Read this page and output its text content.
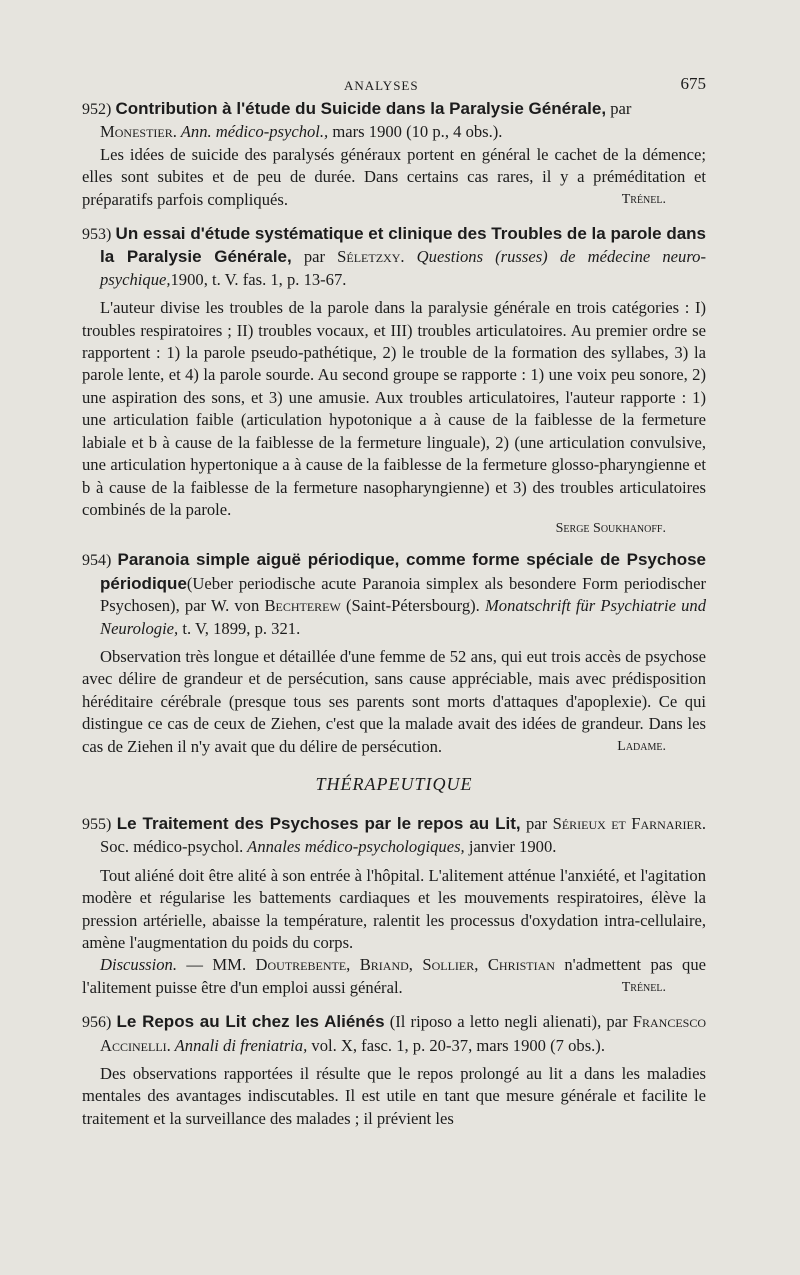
ANALYSES	675

952) Contribution à l'étude du Suicide dans la Paralysie Générale, par
Monestier. Ann. médico-psychol., mars 1900 (10 p., 4 obs.).

Les idées de suicide des paralysés généraux portent en général le cachet de la démence; elles sont subites et de peu de durée. Dans certains cas rares, il y a préméditation et préparatifs parfois compliqués.	Trénel.

953) Un essai d'étude systématique et clinique des Troubles de la parole dans la Paralysie Générale, par Séletzxy. Questions (russes) de médecine neuro-psychique,1900, t. V. fas. 1, p. 13-67.

L'auteur divise les troubles de la parole dans la paralysie générale en trois catégories : I) troubles respiratoires ; II) troubles vocaux, et III) troubles articulatoires. Au premier ordre se rapportent : 1) la parole pseudo-pathétique, 2) le trouble de la formation des syllabes, 3) la parole lente, et 4) la parole sourde. Au second groupe se rapporte : 1) une voix peu sonore, 2) une aspiration des sons, et 3) une amusie. Aux troubles articulatoires, l'auteur rapporte : 1) une articulation faible (articulation hypotonique a à cause de la faiblesse de la fermeture labiale et b à cause de la faiblesse de la fermeture linguale), 2) (une articulation convulsive, une articulation hypertonique a à cause de la faiblesse de la fermeture glosso-pharyngienne et b à cause de la faiblesse de la fermeture nasopharyngienne) et 3) des troubles articulatoires combinés de la parole.

Serge Soukhanoff.

954) Paranoia simple aiguë périodique, comme forme spéciale de Psychose périodique(Ueber periodische acute Paranoia simplex als besondere Form periodischer Psychosen), par W. von Bechterew (Saint-Pétersbourg). Monatschrift für Psychiatrie und Neurologie, t. V, 1899, p. 321.

Observation très longue et détaillée d'une femme de 52 ans, qui eut trois accès de psychose avec délire de grandeur et de persécution, sans cause appréciable, mais avec prédisposition héréditaire cérébrale (presque tous ses parents sont morts d'attaques d'apoplexie). Ce qui distingue ce cas de ceux de Ziehen, c'est que la malade avait des idées de grandeur. Dans les cas de Ziehen il n'y avait que du délire de persécution.	Ladame.

THÉRAPEUTIQUE

955) Le Traitement des Psychoses par le repos au Lit, par Sérieux et Farnarier. Soc. médico-psychol. Annales médico-psychologiques, janvier 1900.

Tout aliéné doit être alité à son entrée à l'hôpital. L'alitement atténue l'anxiété, et l'agitation modère et régularise les battements cardiaques et les mouvements respiratoires, élève la pression artérielle, abaisse la température, ralentit les processus d'oxydation intra-cellulaire, amène l'augmentation du poids du corps.

Discussion. — MM. Doutrebente, Briand, Sollier, Christian n'admettent pas que l'alitement puisse être d'un emploi aussi général.	Trénel.

956) Le Repos au Lit chez les Aliénés (Il riposo a letto negli alienati), par Francesco Accinelli. Annali di freniatria, vol. X, fasc. 1, p. 20-37, mars 1900 (7 obs.).

Des observations rapportées il résulte que le repos prolongé au lit a dans les maladies mentales des avantages indiscutables. Il est utile en tant que mesure générale et facilite le traitement et la surveillance des malades ; il prévient les
